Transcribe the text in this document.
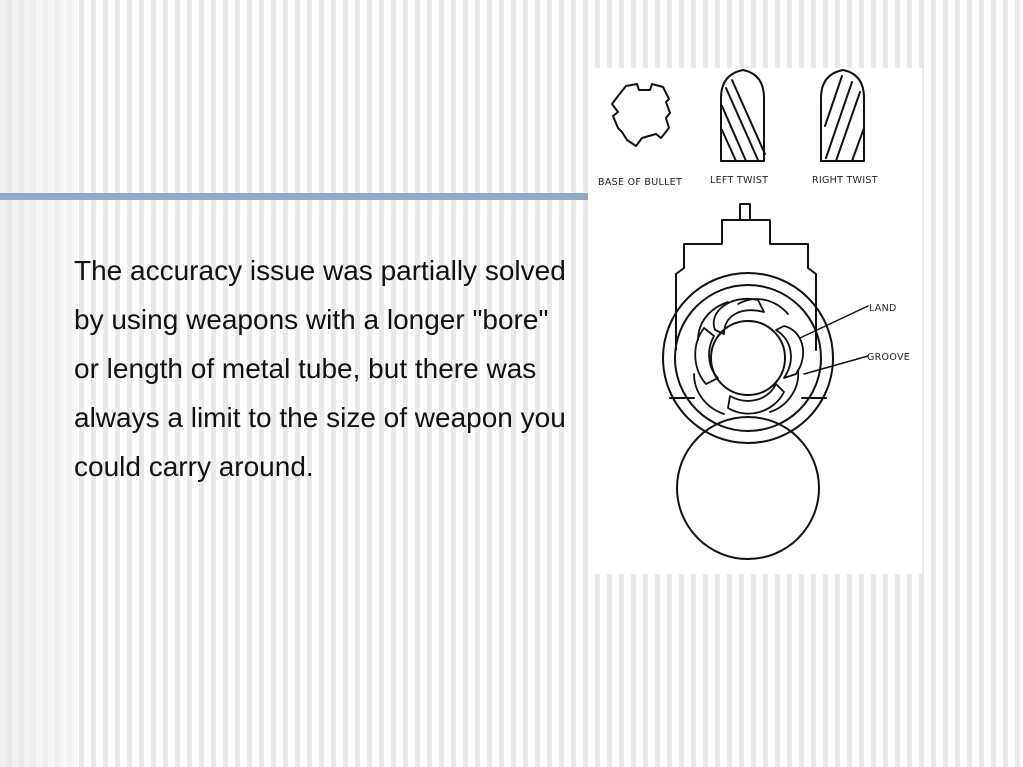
The accuracy issue was partially solved by using weapons with a longer "bore" or length of metal tube, but there was always a limit to the size of weapon you could carry around.

BASE OF BULLET	LEFT TWIST	RIGHT TWIST
LAND
GROOVE
